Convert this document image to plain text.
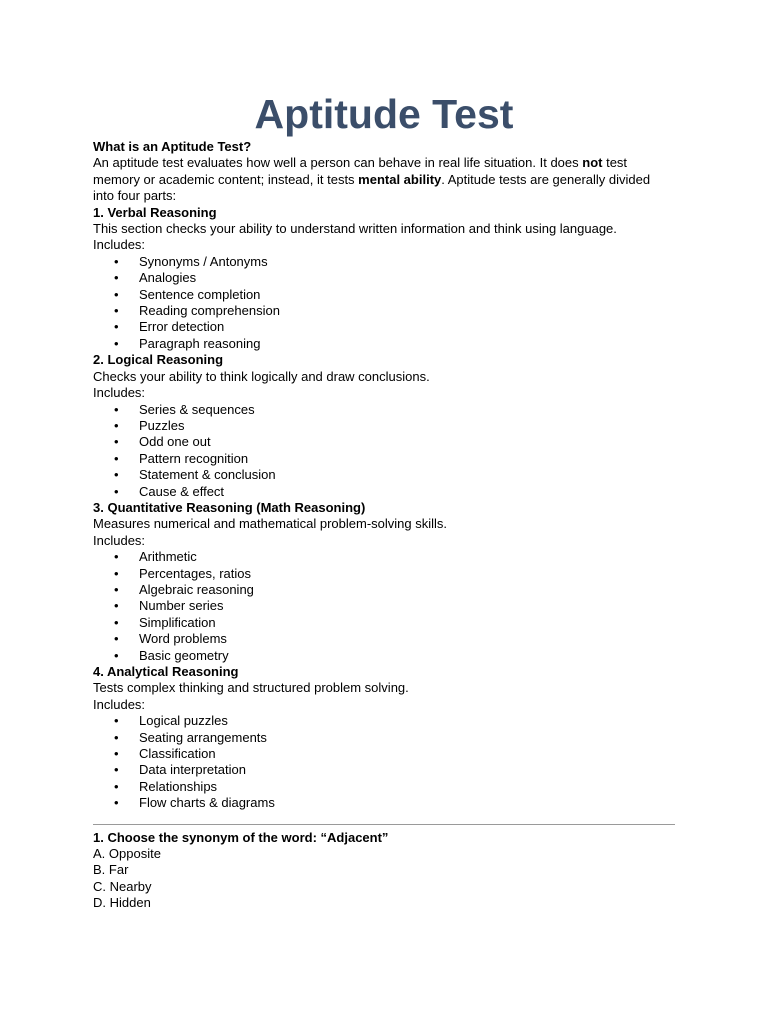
Aptitude Test

What is an Aptitude Test?

An aptitude test evaluates how well a person can behave in real life situation. It does not test memory or academic content; instead, it tests mental ability. Aptitude tests are generally divided into four parts:

1. Verbal Reasoning

This section checks your ability to understand written information and think using language.

Includes:

• Synonyms / Antonyms
• Analogies
• Sentence completion
• Reading comprehension
• Error detection
• Paragraph reasoning

2. Logical Reasoning

Checks your ability to think logically and draw conclusions.

Includes:

• Series & sequences
• Puzzles
• Odd one out
• Pattern recognition
• Statement & conclusion
• Cause & effect

3. Quantitative Reasoning (Math Reasoning)

Measures numerical and mathematical problem-solving skills.

Includes:

• Arithmetic
• Percentages, ratios
• Algebraic reasoning
• Number series
• Simplification
• Word problems
• Basic geometry

4. Analytical Reasoning

Tests complex thinking and structured problem solving.

Includes:

• Logical puzzles
• Seating arrangements
• Classification
• Data interpretation
• Relationships
• Flow charts & diagrams

1. Choose the synonym of the word: “Adjacent”

A. Opposite

B. Far

C. Nearby

D. Hidden
